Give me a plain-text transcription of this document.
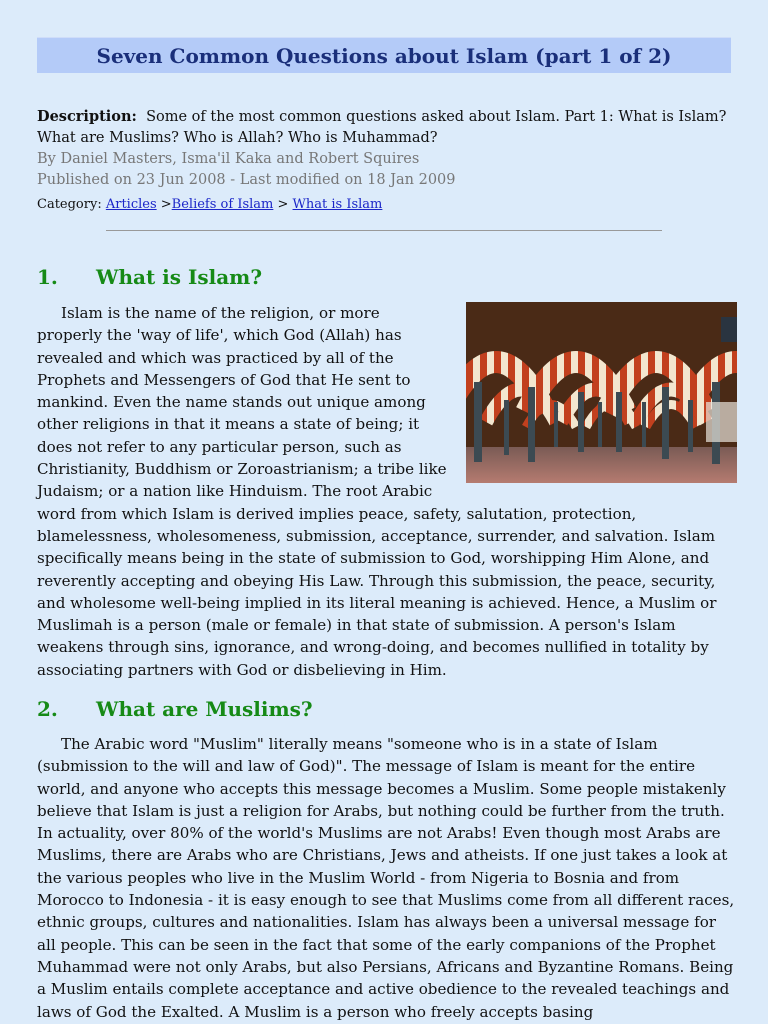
Seven Common Questions about Islam (part 1 of 2)
Description: Some of the most common questions asked about Islam. Part 1: What is Islam? What are Muslims? Who is Allah? Who is Muhammad?
By Daniel Masters, Isma'il Kaka and Robert Squires
Published on 23 Jun 2008 - Last modified on 18 Jan 2009
Category: Articles >Beliefs of Islam > What is Islam
1. What is Islam?
Islam is the name of the religion, or more properly the 'way of life', which God (Allah) has revealed and which was practiced by all of the Prophets and Messengers of God that He sent to mankind. Even the name stands out unique among other religions in that it means a state of being; it does not refer to any particular person, such as Christianity, Buddhism or Zoroastrianism; a tribe like Judaism; or a nation like Hinduism. The root Arabic word from which Islam is derived implies peace, safety, salutation, protection, blamelessness, wholesomeness, submission, acceptance, surrender, and salvation. Islam specifically means being in the state of submission to God, worshipping Him Alone, and reverently accepting and obeying His Law. Through this submission, the peace, security, and wholesome well-being implied in its literal meaning is achieved. Hence, a Muslim or Muslimah is a person (male or female) in that state of submission. A person's Islam weakens through sins, ignorance, and wrong-doing, and becomes nullified in totality by associating partners with God or disbelieving in Him.
2. What are Muslims?
The Arabic word "Muslim" literally means "someone who is in a state of Islam (submission to the will and law of God)". The message of Islam is meant for the entire world, and anyone who accepts this message becomes a Muslim. Some people mistakenly believe that Islam is just a religion for Arabs, but nothing could be further from the truth. In actuality, over 80% of the world's Muslims are not Arabs! Even though most Arabs are Muslims, there are Arabs who are Christians, Jews and atheists. If one just takes a look at the various peoples who live in the Muslim World - from Nigeria to Bosnia and from Morocco to Indonesia - it is easy enough to see that Muslims come from all different races, ethnic groups, cultures and nationalities. Islam has always been a universal message for all people. This can be seen in the fact that some of the early companions of the Prophet Muhammad were not only Arabs, but also Persians, Africans and Byzantine Romans. Being a Muslim entails complete acceptance and active obedience to the revealed teachings and laws of God the Exalted. A Muslim is a person who freely accepts basing
